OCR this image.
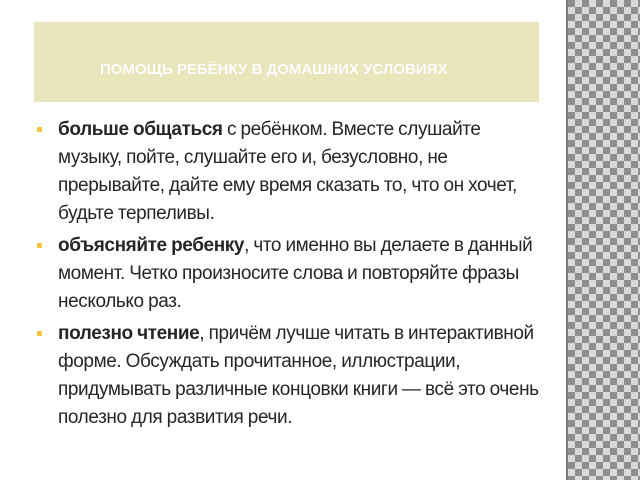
ПОМОЩЬ РЕБЁНКУ В ДОМАШНИХ УСЛОВИЯХ
больше общаться с ребёнком. Вместе слушайте музыку, пойте, слушайте его и, безусловно, не прерывайте, дайте ему время сказать то, что он хочет, будьте терпеливы.
объясняйте ребенку, что именно вы делаете в данный момент. Четко произносите слова и повторяйте фразы несколько раз.
полезно чтение, причём лучше читать в интерактивной форме. Обсуждать прочитанное, иллюстрации, придумывать различные концовки книги — всё это очень полезно для развития речи.
